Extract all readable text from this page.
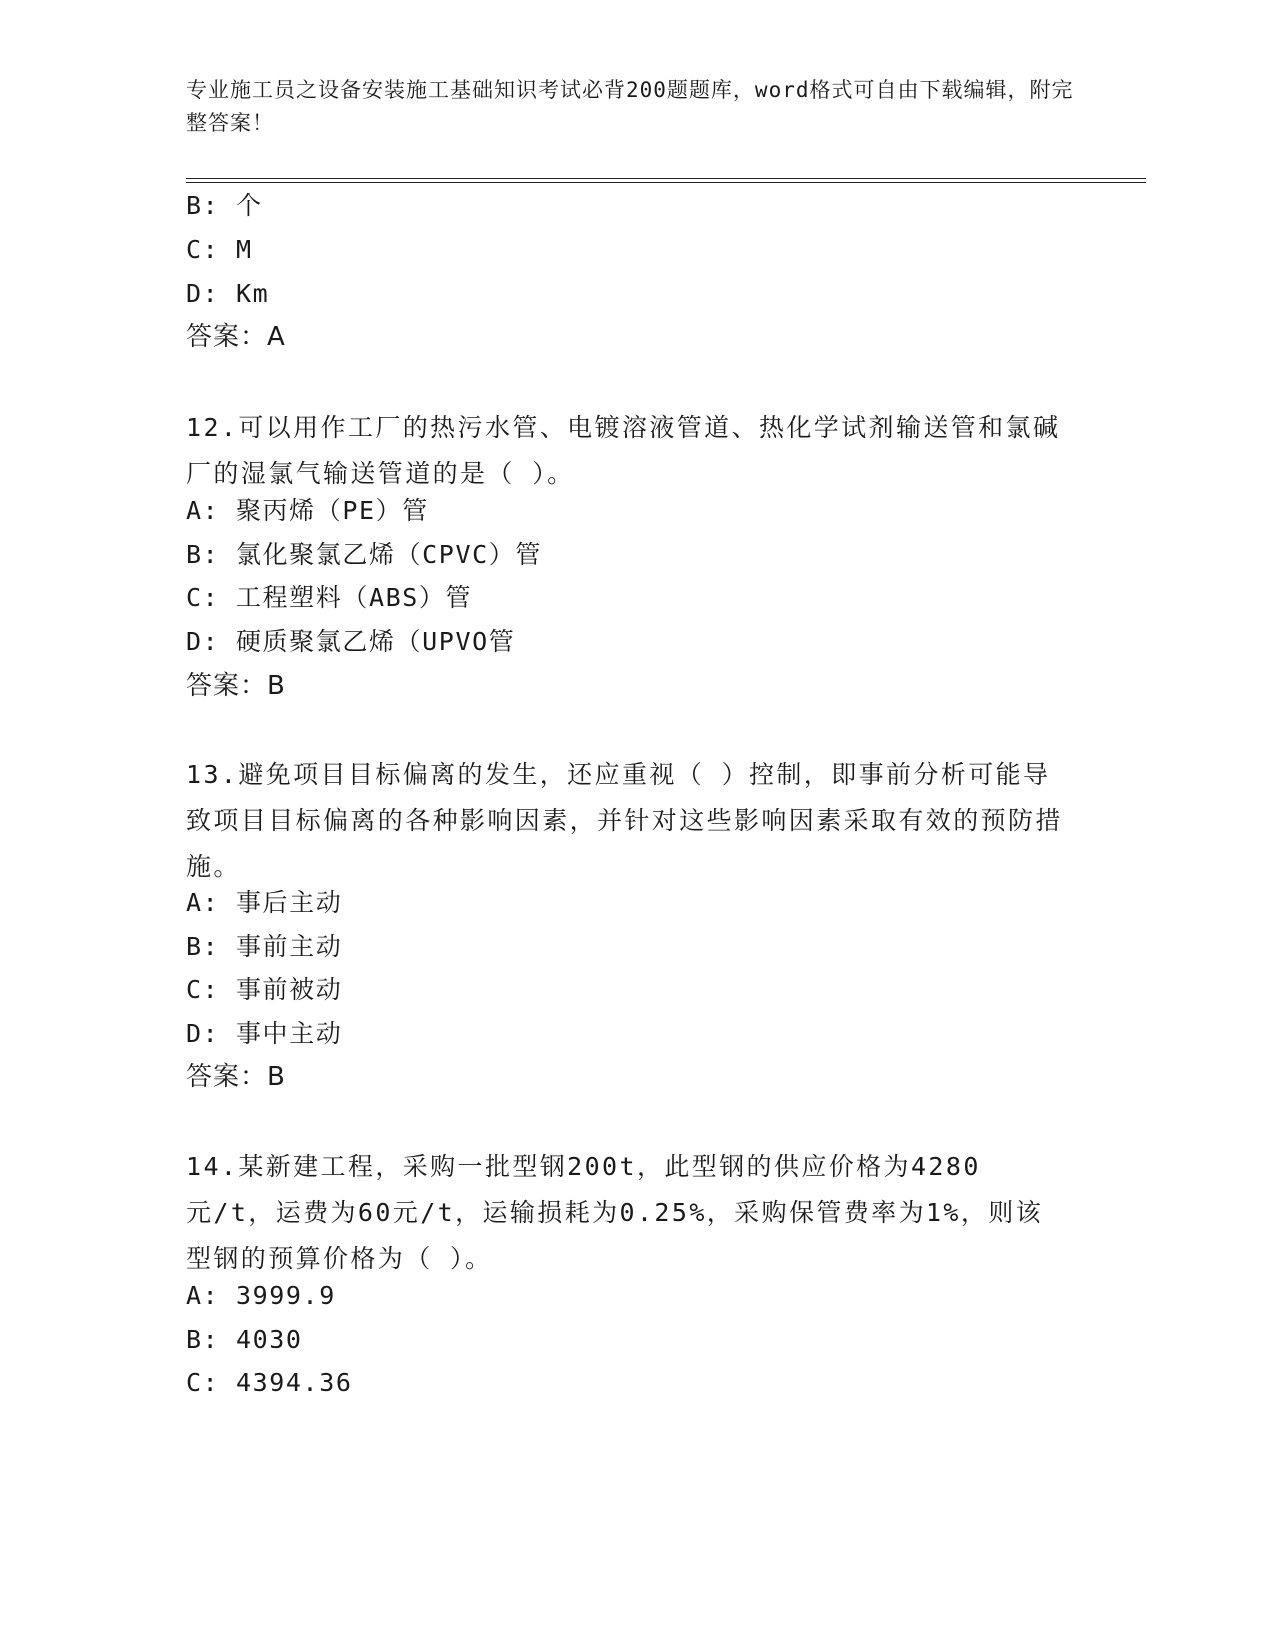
专业施工员之设备安装施工基础知识考试必背200题题库，word格式可自由下载编辑，附完整答案！
B: 个
C: M
D: Km
答案：A
12.可以用作工厂的热污水管、电镀溶液管道、热化学试剂输送管和氯碱厂的湿氯气输送管道的是（ ）。
A: 聚丙烯（PE）管
B: 氯化聚氯乙烯（CPVC）管
C: 工程塑料（ABS）管
D: 硬质聚氯乙烯（UPVO管
答案：B
13.避免项目目标偏离的发生，还应重视（ ）控制，即事前分析可能导致项目目标偏离的各种影响因素，并针对这些影响因素采取有效的预防措施。
A: 事后主动
B: 事前主动
C: 事前被动
D: 事中主动
答案：B
14.某新建工程，采购一批型钢200t，此型钢的供应价格为4280元/t，运费为60元/t，运输损耗为0.25%，采购保管费率为1%，则该型钢的预算价格为（ ）。
A: 3999.9
B: 4030
C: 4394.36
